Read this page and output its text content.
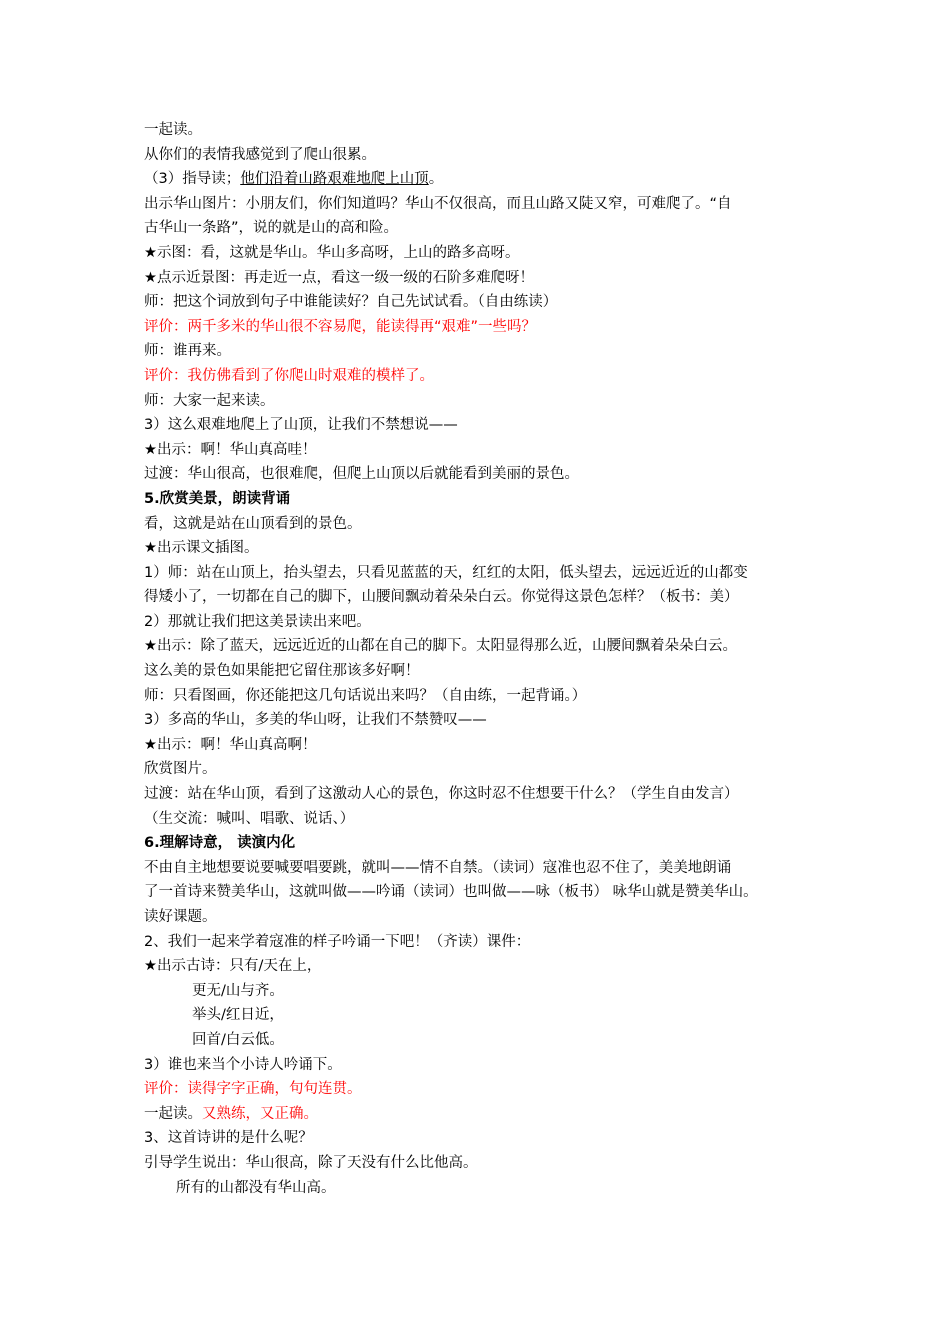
一起读。
从你们的表情我感觉到了爬山很累。
（3）指导读；他们沿着山路艰难地爬上山顶。
出示华山图片：小朋友们，你们知道吗？华山不仅很高，而且山路又陡又窄，可难爬了。“自
古华山一条路”，说的就是山的高和险。
★示图：看，这就是华山。华山多高呀，上山的路多高呀。
★点示近景图：再走近一点，看这一级一级的石阶多难爬呀！
师：把这个词放到句子中谁能读好？自己先试试看。（自由练读）
评价：两千多米的华山很不容易爬，能读得再“艰难”一些吗？
师：谁再来。
评价：我仿佛看到了你爬山时艰难的模样了。
师：大家一起来读。
3）这么艰难地爬上了山顶，让我们不禁想说——
★出示：啊！华山真高哇！
过渡：华山很高，也很难爬，但爬上山顶以后就能看到美丽的景色。
5.欣赏美景，朗读背诵
看，这就是站在山顶看到的景色。
★出示课文插图。
1）师：站在山顶上，抬头望去，只看见蓝蓝的天，红红的太阳，低头望去，远远近近的山都变
得矮小了，一切都在自己的脚下，山腰间飘动着朵朵白云。你觉得这景色怎样？（板书：美）
2）那就让我们把这美景读出来吧。
★出示：除了蓝天，远远近近的山都在自己的脚下。太阳显得那么近，山腰间飘着朵朵白云。
这么美的景色如果能把它留住那该多好啊！
师：只看图画，你还能把这几句话说出来吗？（自由练，一起背诵。）
3）多高的华山，多美的华山呀，让我们不禁赞叹——
★出示：啊！华山真高啊！
欣赏图片。
过渡：站在华山顶，看到了这激动人心的景色，你这时忍不住想要干什么？（学生自由发言）
（生交流：喊叫、唱歌、说话、）
6.理解诗意， 读演内化
不由自主地想要说要喊要唱要跳，就叫——情不自禁。（读词）寇准也忍不住了，美美地朗诵
了一首诗来赞美华山，这就叫做——吟诵（读词）也叫做——咏（板书） 咏华山就是赞美华山。
读好课题。
2、我们一起来学着寇准的样子吟诵一下吧！（齐读）课件：
★出示古诗：只有/天在上，
更无/山与齐。
举头/红日近，
回首/白云低。
3）谁也来当个小诗人吟诵下。
评价：读得字字正确，句句连贯。
一起读。又熟练，又正确。
3、这首诗讲的是什么呢？
引导学生说出：华山很高，除了天没有什么比他高。
所有的山都没有华山高。
